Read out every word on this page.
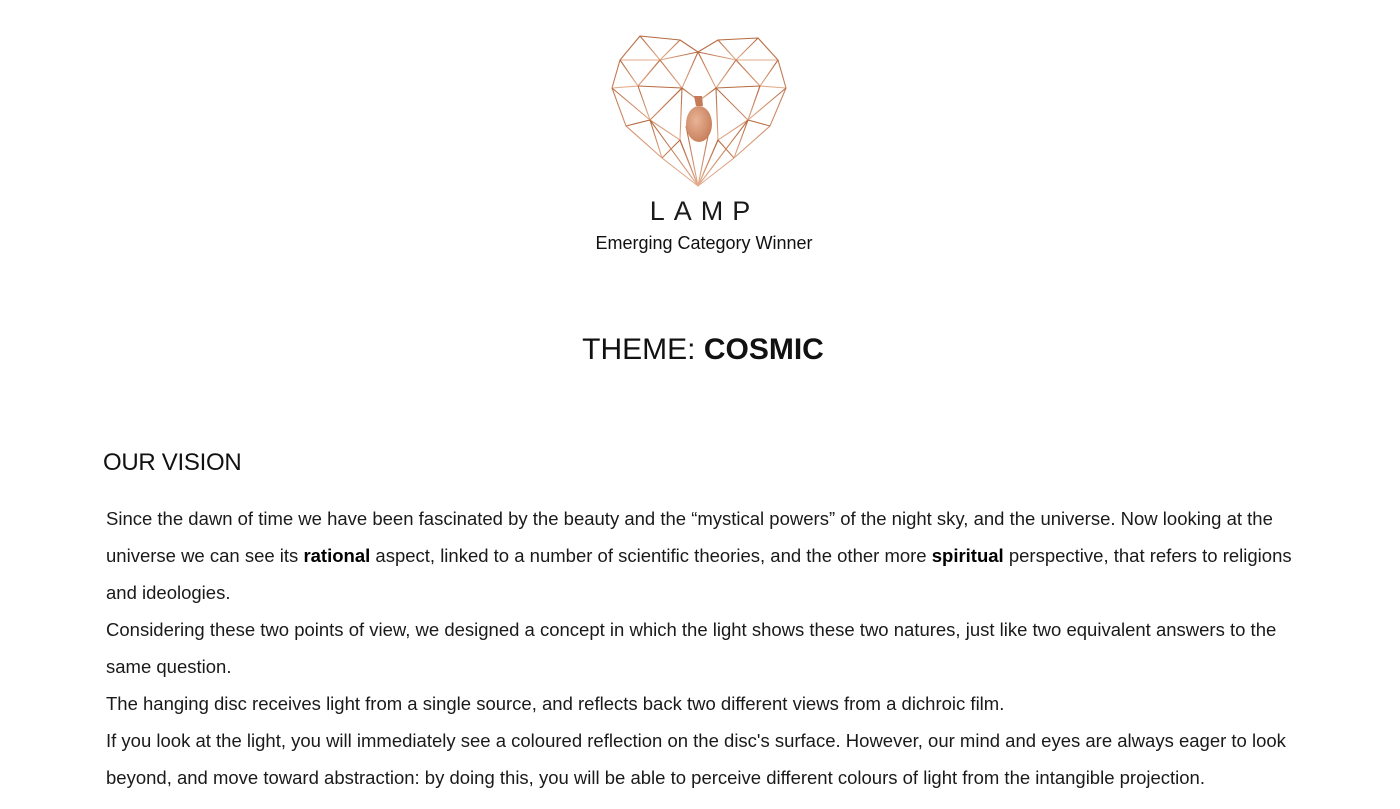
LAMP
Emerging Category Winner
THEME: COSMIC
OUR VISION

Since the dawn of time we have been fascinated by the beauty and the “mystical powers” of the night sky, and the universe. Now looking at the universe we can see its rational aspect, linked to a number of scientific theories, and the other more spiritual perspective, that refers to religions and ideologies.

Considering these two points of view, we designed a concept in which the light shows these two natures, just like two equivalent answers to the same question.

The hanging disc receives light from a single source, and reflects back two different views from a dichroic film.

If you look at the light, you will immediately see a coloured reflection on the disc's surface. However, our mind and eyes are always eager to look beyond, and move toward abstraction: by doing this, you will be able to perceive different colours of light from the intangible projection.
